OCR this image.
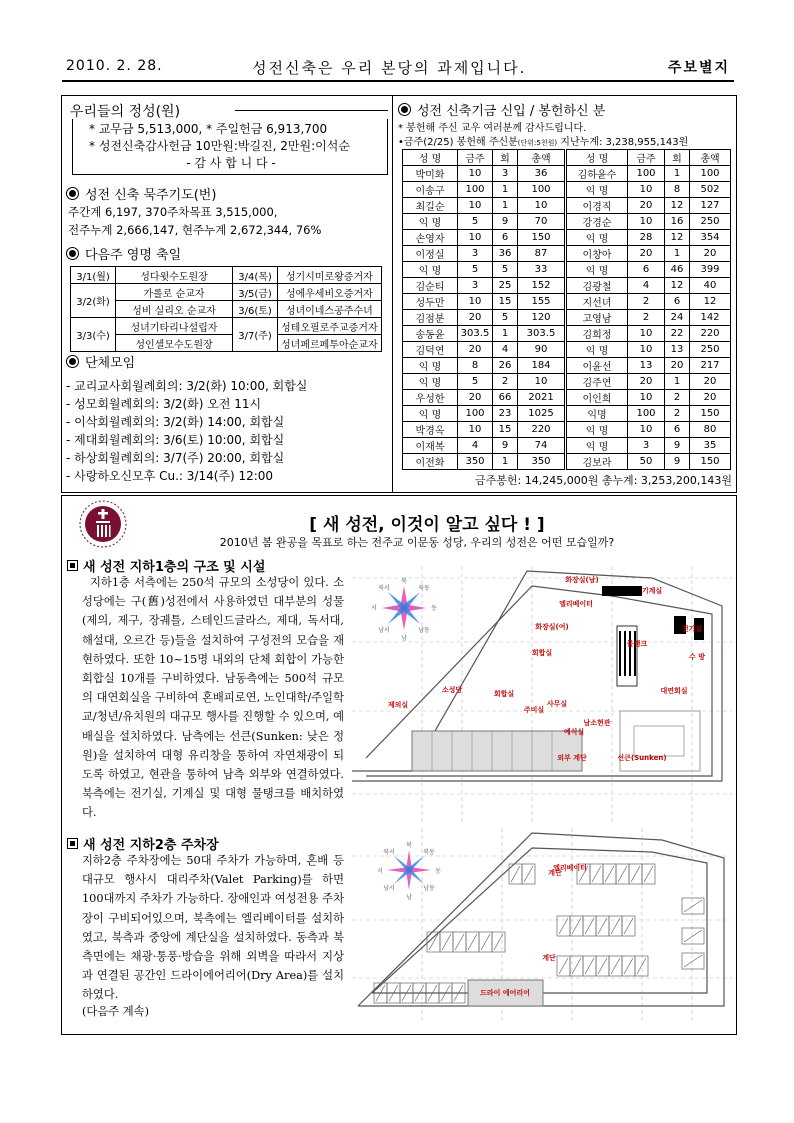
2010. 2. 28.	성전신축은 우리 본당의 과제입니다.	주보별지
우리들의 정성(원)
* 교무금 5,513,000, * 주일헌금 6,913,700
* 성전신축감사헌금 10만원:박길진, 2만원:이석순
- 감 사 합 니 다 -
성전 신축 묵주기도(번)
주간계 6,197, 370주차목표 3,515,000,
전주누계 2,666,147, 현주누계 2,672,344, 76%
다음주 영명 축일
3/1(월)	성다윗수도원장	3/4(목)	성기시미로왕증거자
3/2(화)	가롤로 순교자	3/5(금)	성에우세비오증거자
	성비 실리오 순교자	3/6(토)	성녀이네스공주수녀
3/3(수)	성녀기타리나설립자	3/7(주)	성테오필로주교증거자
	성인셀모수도원장		성녀페르페투아순교자
단체모임
- 교리교사회월례회의: 3/2(화) 10:00, 회합실
- 성모회월례회의: 3/2(화) 오전 11시
- 이삭회월례회의: 3/2(화) 14:00, 회합실
- 제대회월례회의: 3/6(토) 10:00, 회합실
- 하상회월례회의: 3/7(주) 20:00, 회합실
- 사랑하오신모후 Cu.: 3/14(주) 12:00
성전 신축기금 신입 / 봉헌하신 분
* 봉헌해 주신 교우 여러분께 감사드립니다.
•금주(2/25) 봉헌해 주신분(단위:5천원) 지난누계: 3,238,955,143원
성 명	금주	회	총액	성 명	금주	회	총액
박미화	10	3	36	김하윤수	100	1	100
이송구	100	1	100	익 명	10	8	502
최길순	10	1	10	이경직	20	12	127
익 명	5	9	70	강경순	10	16	250
손영자	10	6	150	익 명	28	12	354
이정실	3	36	87	이창아	20	1	20
익 명	5	5	33	익 명	6	46	399
김순티	3	25	152	김광철	4	12	40
성두만	10	15	155	지선녀	2	6	12
김점분	20	5	120	고영남	2	24	142
송동윤	303.5	1	303.5	김희정	10	22	220
김덕연	20	4	90	익 명	10	13	250
익 명	8	26	184	이윤선	13	20	217
익 명	5	2	10	김주연	20	1	20
우성한	20	66	2021	이인희	10	2	20
익 명	100	23	1025	익명	100	2	150
박경옥	10	15	220	익 명	10	6	80
이재복	4	9	74	익 명	3	9	35
이전화	350	1	350	김보라	50	9	150
금주봉헌: 14,245,000원 총누계: 3,253,200,143원
[ 새 성전, 이것이 알고 싶다 ! ]
2010년 봄 완공을 목표로 하는 전주교 이문동 성당, 우리의 성전은 어떤 모습일까?
새 성전 지하1층의 구조 및 시설

지하1층 서측에는 250석 규모의 소성당이 있다. 소성당에는 구(舊)성전에서 사용하였던 대부분의 성물(제의, 제구, 장궤틀, 스테인드글라스, 제대, 독서대, 해설대, 오르간 등)들을 설치하여 구성전의 모습을 재현하였다. 또한 10~15명 내외의 단체 회합이 가능한 회합실 10개를 구비하였다. 남동측에는 500석 규모의 대연회실을 구비하여 혼배피로연, 노인대학/주일학교/청년/유치원의 대규모 행사를 진행할 수 있으며, 예배실을 설치하였다. 남측에는 선큰(Sunken: 낮은 정원)을 설치하여 대형 유리창을 통하여 자연채광이 되도록 하였고, 현관을 통하여 남측 외부와 연결하였다. 북측에는 전기실, 기계실 및 대형 물탱크를 배치하였다.

새 성전 지하2층 주차장

지하2층 주차장에는 50대 주차가 가능하며, 혼배 등 대규모 행사시 대리주차(Valet Parking)를 하면 100대까지 주차가 가능하다. 장애인과 여성전용 주차장이 구비되어있으며, 북측에는 엘리베이터를 설치하였고, 북측과 중앙에 계단실을 설치하였다. 동측과 북측면에는 채광·통풍·방습을 위해 외벽을 따라서 지상과 연결된 공간인 드라이에어리어(Dry Area)를 설치하였다.

(다음주 계속)
북
북동
동
남동
남
남서
서
북서
화장실(남)
기계실
엘리베이터
화장실(여)	전기실
물탱크
수 방
회합실
회합실
소성당
제의실	사무실
주비실
대연회실
예식실
남소현관
외부 계단	선큰(Sunken)
북
북동
동
남동
남
남서
서
북서
계단
엘리베이터
계단
드라이 에어리어
